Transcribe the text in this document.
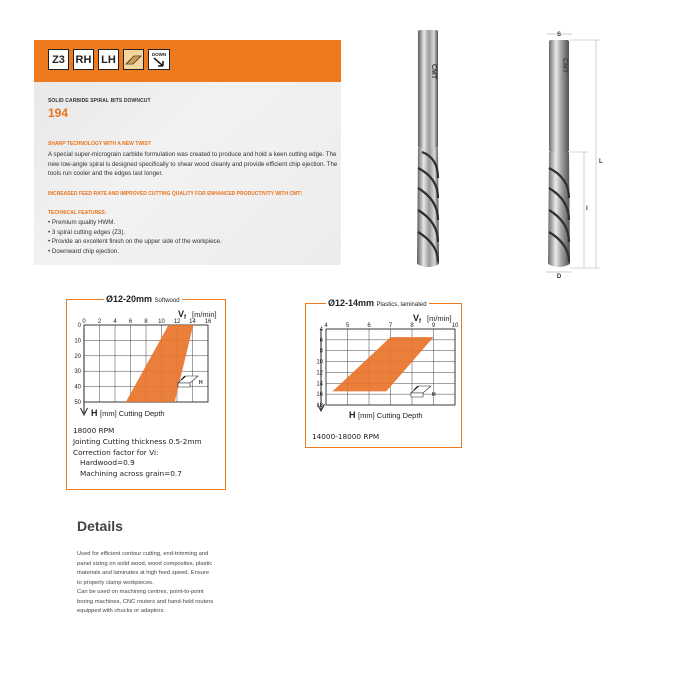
Z3 RH LH	DOWN
SOLID CARBIDE SPIRAL BITS DOWNCUT
194
SHARP TECHNOLOGY WITH A NEW TWIST
A special super-micrograin carbide formulation was created to produce and hold a keen cutting edge. The new low-angle spiral is designed specifically to shear wood cleanly and provide efficient chip ejection. The tools run cooler and the edges last longer.
INCREASED FEED RATE AND IMPROVED CUTTING QUALITY FOR ENHANCED PRODUCTIVITY WITH CMT!
TECHNICAL FEATURES:
• Premium quality HWM.
• 3 spiral cutting edges (Z3).
• Provide an excellent finish on the upper side of the workpiece.
• Downward chip ejection.
CMT
S
CMT
L
I
D
Ø12-20mm Softwood
$V_f$ [m/min]
0 2 4 6 8 10 12 14 16
0
10
20
30
40
50
H
H [mm] Cutting Depth
18000 RPM
Jointing Cutting thickness 0.5-2mm
Correction factor for Vi:
Hardwood=0.9
Machining across grain=0.7
Ø12-14mm Plastics, laminated
$V_f$ [m/min]
4	5	6	7	8	9	10
4
6
8
10
12
14
16
18
H
H [mm] Cutting Depth
14000-18000 RPM
Details

Used for efficient contour cutting, end-trimming and
panel sizing on solid wood, wood composites, plastic
materials and laminates at high feed speed. Ensure
to properly clamp workpieces.
Can be used on machining centres, point-to-point
boring machines, CNC routers and hand-held routers
equipped with chucks or adaptors.
